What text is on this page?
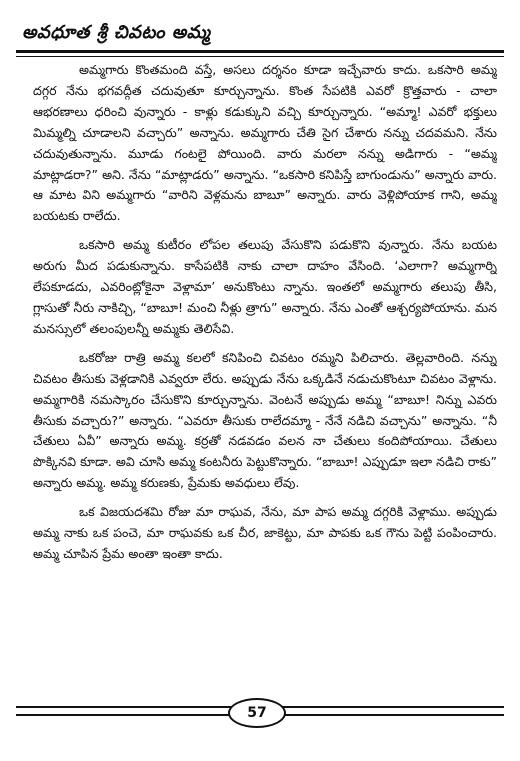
అవధూత శ్రీ చివటం అమ్మ

అమ్మగారు కొంతమంది వస్తే, అసలు దర్శనం కూడా ఇచ్చేవారు కాదు. ఒకసారి అమ్మ దగ్గర నేను భగవద్గీత చదువుతూ కూర్చున్నాను. కొంత సేపటికి ఎవరో క్రొత్తవారు - చాలా ఆభరణాలు ధరించి వున్నారు - కాళ్లు కడుక్కుని వచ్చి కూర్చున్నారు. “అమ్మా! ఎవరో భక్తులు మిమ్మల్ని చూడాలని వచ్చారు” అన్నాను. అమ్మగారు చేతి సైగ చేశారు నన్ను చదవమని. నేను చదువుతున్నాను. మూడు గంటలై పోయింది. వారు మరలా నన్ను అడిగారు - “అమ్మ మాట్లాడరా?” అని. నేను “మాట్లాడరు” అన్నాను. “ఒకసారి కనిపిస్తే బాగుండును” అన్నారు వారు. ఆ మాట విని అమ్మగారు “వారిని వెళ్లమను బాబూ” అన్నారు. వారు వెళ్లిపోయాక గాని, అమ్మ బయటకు రాలేదు.

ఒకసారి అమ్మ కుటీరం లోపల తలుపు వేసుకొని పడుకొని వున్నారు. నేను బయట అరుగు మీద పడుకున్నాను. కాసేపటికి నాకు చాలా దాహం వేసింది. ‘ఎలాగా? అమ్మగార్ని లేపకూడదు, ఎవరింట్లోకైనా వెళ్లామా’ అనుకొంటు న్నాను. ఇంతలో అమ్మగారు తలుపు తీసి, గ్లాసుతో నీరు నాకిచ్చి, “బాబూ! మంచి నీళ్లు త్రాగు” అన్నారు. నేను ఎంతో ఆశ్చర్యపోయాను. మన మనస్సులో తలంపులన్నీ అమ్మకు తెలిసేవి.

ఒకరోజు రాత్రి అమ్మ కలలో కనిపించి చివటం రమ్మని పిలిచారు. తెల్లవారింది. నన్ను చివటం తీసుకు వెళ్లడానికి ఎవ్వరూ లేరు. అప్పుడు నేను ఒక్కడినే నడుచుకొంటూ చివటం వెళ్లాను. అమ్మగారికి నమస్కారం చేసుకొని కూర్చున్నాను. వెంటనే అప్పుడు అమ్మ “బాబూ! నిన్ను ఎవరు తీసుకు వచ్చారు?” అన్నారు. “ఎవరూ తీసుకు రాలేదమ్మా - నేనే నడిచి వచ్చాను” అన్నాను. “నీ చేతులు ఏవీ” అన్నారు అమ్మ. కర్రతో నడవడం వలన నా చేతులు కందిపోయాయి. చేతులు పొక్కినవి కూడా. అవి చూసి అమ్మ కంటనీరు పెట్టుకొన్నారు. “బాబూ! ఎప్పుడూ ఇలా నడిచి రాకు” అన్నారు అమ్మ. అమ్మ కరుణకు, ప్రేమకు అవధులు లేవు.

ఒక విజయదశమి రోజు మా రాఘవ, నేను, మా పాప అమ్మ దగ్గరికి వెళ్లాము. అప్పుడు అమ్మ నాకు ఒక పంచె, మా రాఘవకు ఒక చీర, జాకెట్టు, మా పాపకు ఒక గౌను పెట్టి పంపించారు. అమ్మ చూపిన ప్రేమ అంతా ఇంతా కాదు.

57
